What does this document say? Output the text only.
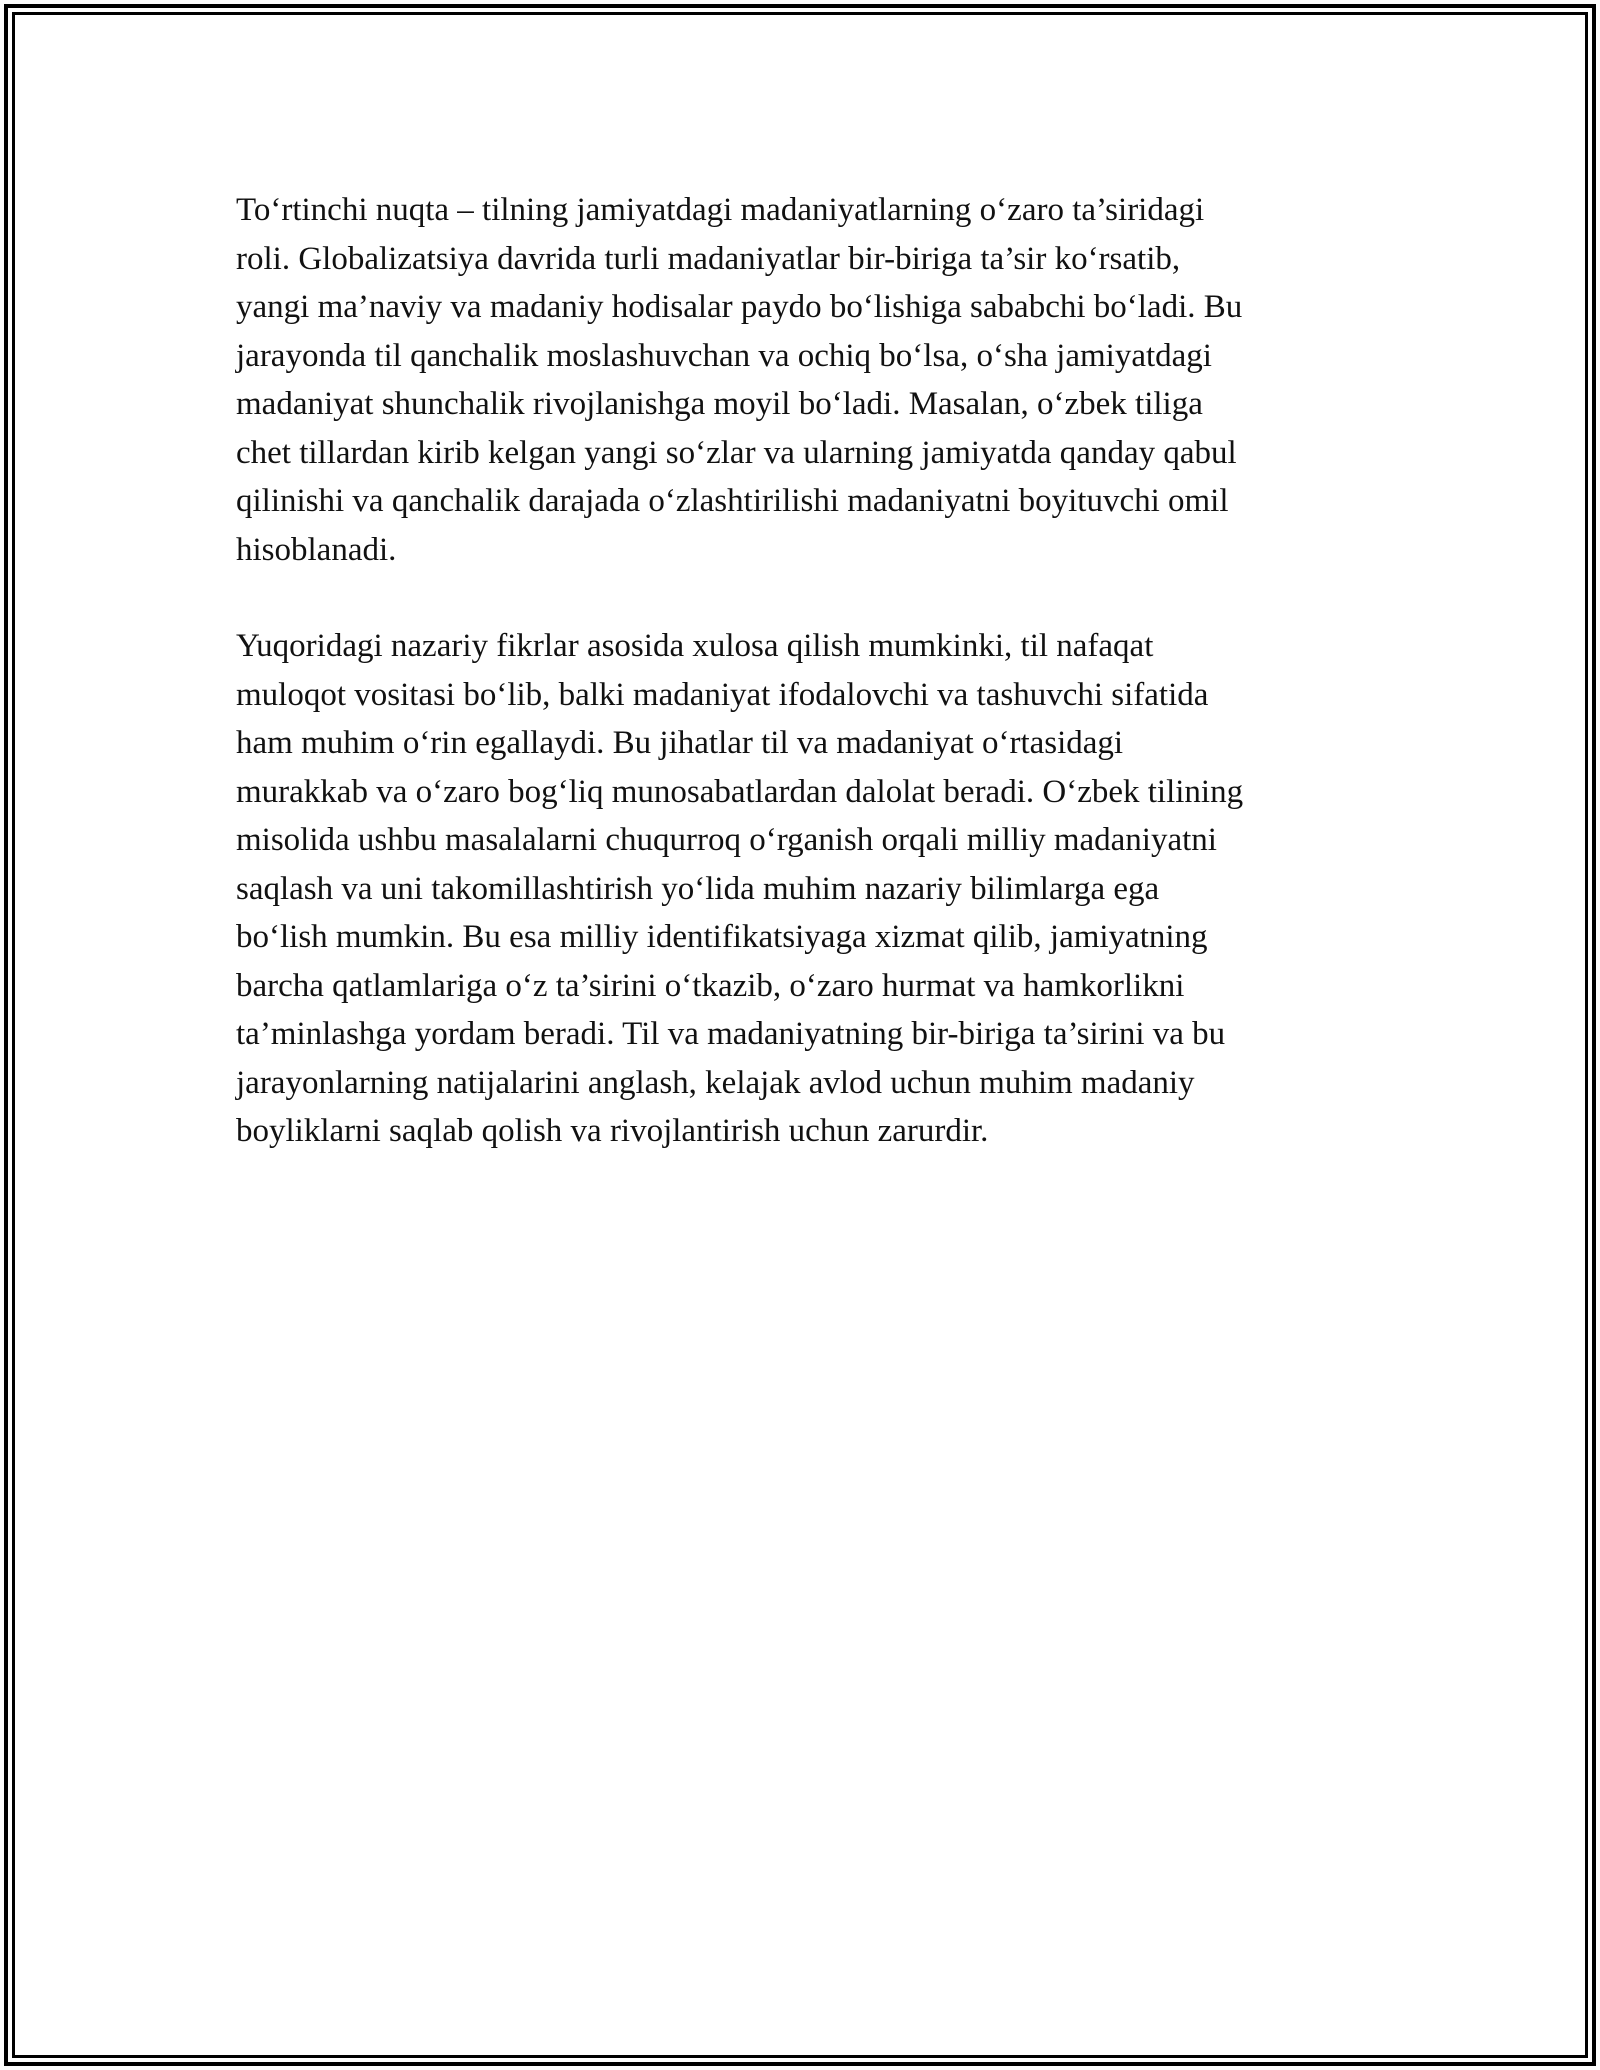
To‘rtinchi nuqta – tilning jamiyatdagi madaniyatlarning o‘zaro ta’siridagi
roli. Globalizatsiya davrida turli madaniyatlar bir-biriga ta’sir ko‘rsatib,
yangi ma’naviy va madaniy hodisalar paydo bo‘lishiga sababchi bo‘ladi. Bu
jarayonda til qanchalik moslashuvchan va ochiq bo‘lsa, o‘sha jamiyatdagi
madaniyat shunchalik rivojlanishga moyil bo‘ladi. Masalan, o‘zbek tiliga
chet tillardan kirib kelgan yangi so‘zlar va ularning jamiyatda qanday qabul
qilinishi va qanchalik darajada o‘zlashtirilishi madaniyatni boyituvchi omil
hisoblanadi.

Yuqoridagi nazariy fikrlar asosida xulosa qilish mumkinki, til nafaqat
muloqot vositasi bo‘lib, balki madaniyat ifodalovchi va tashuvchi sifatida
ham muhim o‘rin egallaydi. Bu jihatlar til va madaniyat o‘rtasidagi
murakkab va o‘zaro bog‘liq munosabatlardan dalolat beradi. O‘zbek tilining
misolida ushbu masalalarni chuqurroq o‘rganish orqali milliy madaniyatni
saqlash va uni takomillashtirish yo‘lida muhim nazariy bilimlarga ega
bo‘lish mumkin. Bu esa milliy identifikatsiyaga xizmat qilib, jamiyatning
barcha qatlamlariga o‘z ta’sirini o‘tkazib, o‘zaro hurmat va hamkorlikni
ta’minlashga yordam beradi. Til va madaniyatning bir-biriga ta’sirini va bu
jarayonlarning natijalarini anglash, kelajak avlod uchun muhim madaniy
boyliklarni saqlab qolish va rivojlantirish uchun zarurdir.
